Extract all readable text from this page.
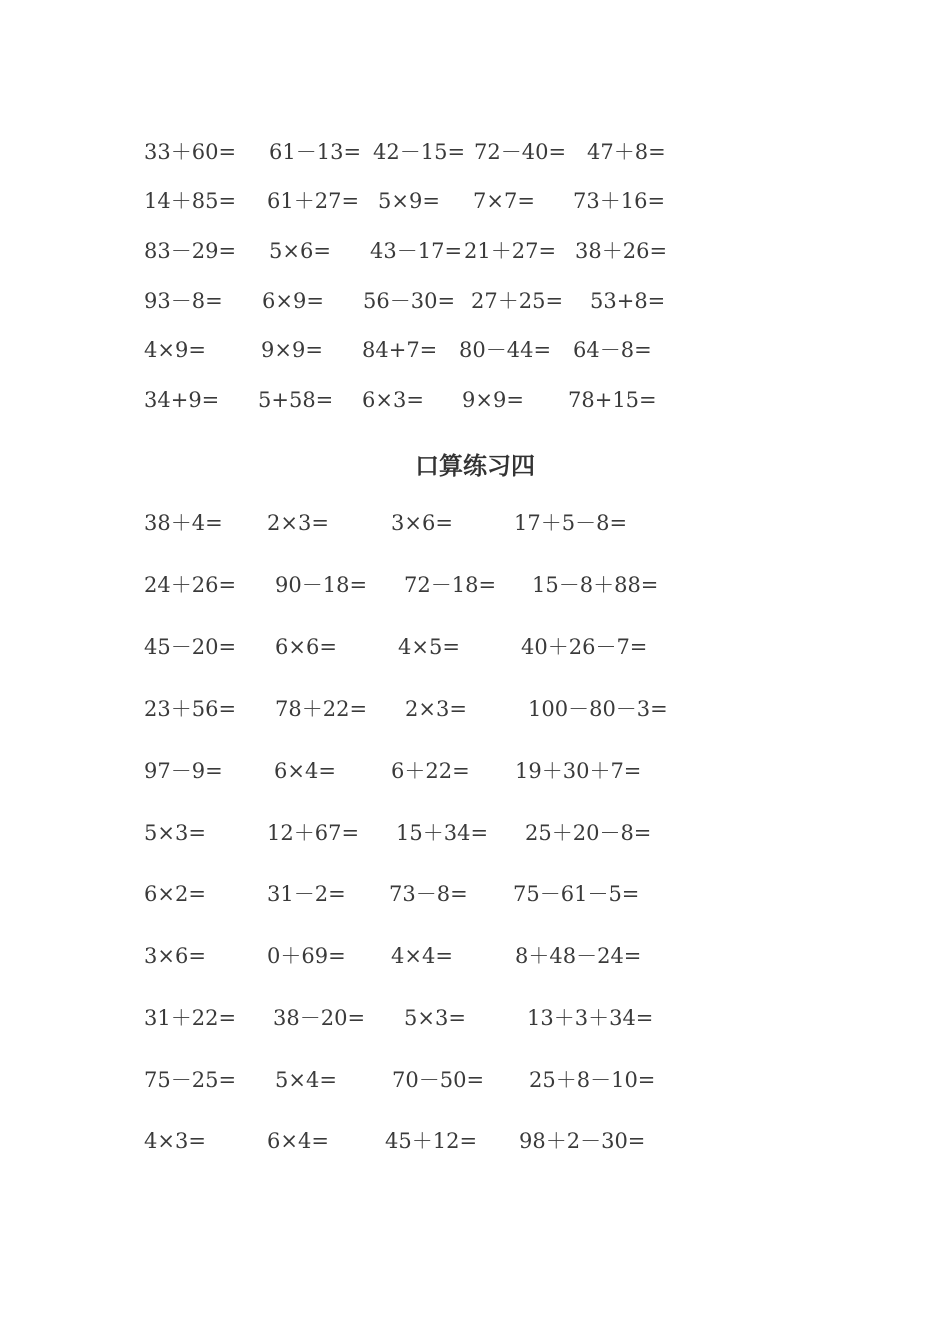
33＋60= 61－13= 42－15= 72－40= 47＋8=
14＋85= 61＋27= 5×9= 7×7= 73＋16=
83－29= 5×6= 43－17= 21＋27= 38＋26=
93－8= 6×9= 56－30= 27＋25= 53+8=
4×9=	9×9= 84+7= 80－44= 64－8=
34+9= 5+58= 6×3= 9×9= 78+15=
口算练习四
38＋4= 2×3=	3×6=	17＋5－8=
24＋26= 90－18= 72－18= 15－8＋88=
45－20= 6×6=	4×5=	40＋26－7=
23＋56= 78＋22= 2×3=	100－80－3=
97－9= 6×4=	6＋22= 19＋30＋7=
5×3=	12＋67= 15＋34= 25＋20－8=
6×2=	31－2= 73－8= 75－61－5=
3×6=	0＋69= 4×4=	8＋48－24=
31＋22= 38－20= 5×3=	13＋3＋34=
75－25= 5×4=	70－50= 25＋8－10=
4×3=	6×4=	45＋12= 98＋2－30=
